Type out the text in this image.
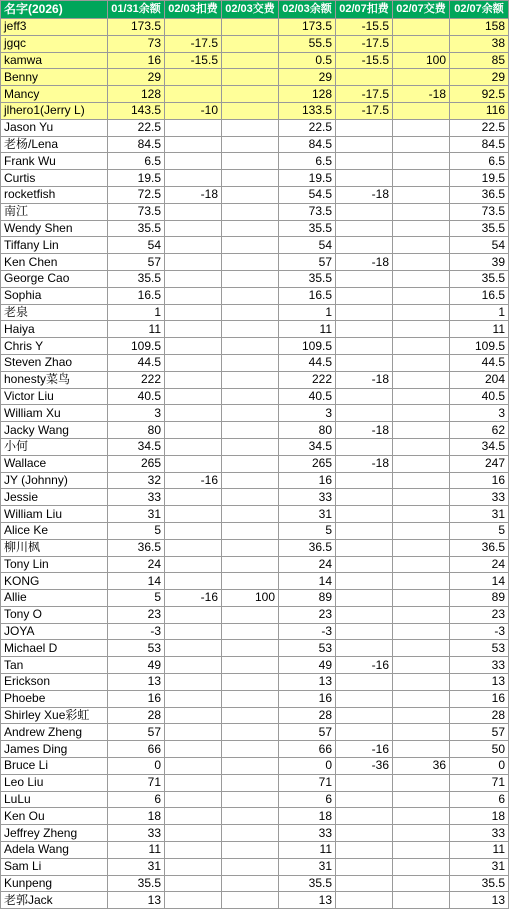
名字(2026)	01/31余额	02/03扣费	02/03交费	02/03余额	02/07扣费	02/07交费	02/07余额
jeff3	173.5			173.5	-15.5		158
jgqc	73	-17.5		55.5	-17.5		38
kamwa	16	-15.5		0.5	-15.5	100	85
Benny	29			29			29
Mancy	128			128	-17.5	-18	92.5
jlhero1(Jerry L)	143.5	-10		133.5	-17.5		116
Jason Yu	22.5			22.5			22.5
老杨/Lena	84.5			84.5			84.5
Frank Wu	6.5			6.5			6.5
Curtis	19.5			19.5			19.5
rocketfish	72.5	-18		54.5	-18		36.5
南江	73.5			73.5			73.5
Wendy Shen	35.5			35.5			35.5
Tiffany Lin	54			54			54
Ken Chen	57			57	-18		39
George Cao	35.5			35.5			35.5
Sophia	16.5			16.5			16.5
老泉	1			1			1
Haiya	11			11			11
Chris Y	109.5			109.5			109.5
Steven Zhao	44.5			44.5			44.5
honesty菜鸟	222			222	-18		204
Victor Liu	40.5			40.5			40.5
William Xu	3			3			3
Jacky Wang	80			80	-18		62
小何	34.5			34.5			34.5
Wallace	265			265	-18		247
JY (Johnny)	32	-16		16			16
Jessie	33			33			33
William Liu	31			31			31
Alice Ke	5			5			5
柳川枫	36.5			36.5			36.5
Tony Lin	24			24			24
KONG	14			14			14
Allie	5	-16	100	89			89
Tony O	23			23			23
JOYA	-3			-3			-3
Michael D	53			53			53
Tan	49			49	-16		33
Erickson	13			13			13
Phoebe	16			16			16
Shirley Xue彩虹	28			28			28
Andrew Zheng	57			57			57
James Ding	66			66	-16		50
Bruce Li	0			0	-36	36	0
Leo Liu	71			71			71
LuLu	6			6			6
Ken Ou	18			18			18
Jeffrey Zheng	33			33			33
Adela Wang	11			11			11
Sam Li	31			31			31
Kunpeng	35.5			35.5			35.5
老郭Jack	13			13			13
